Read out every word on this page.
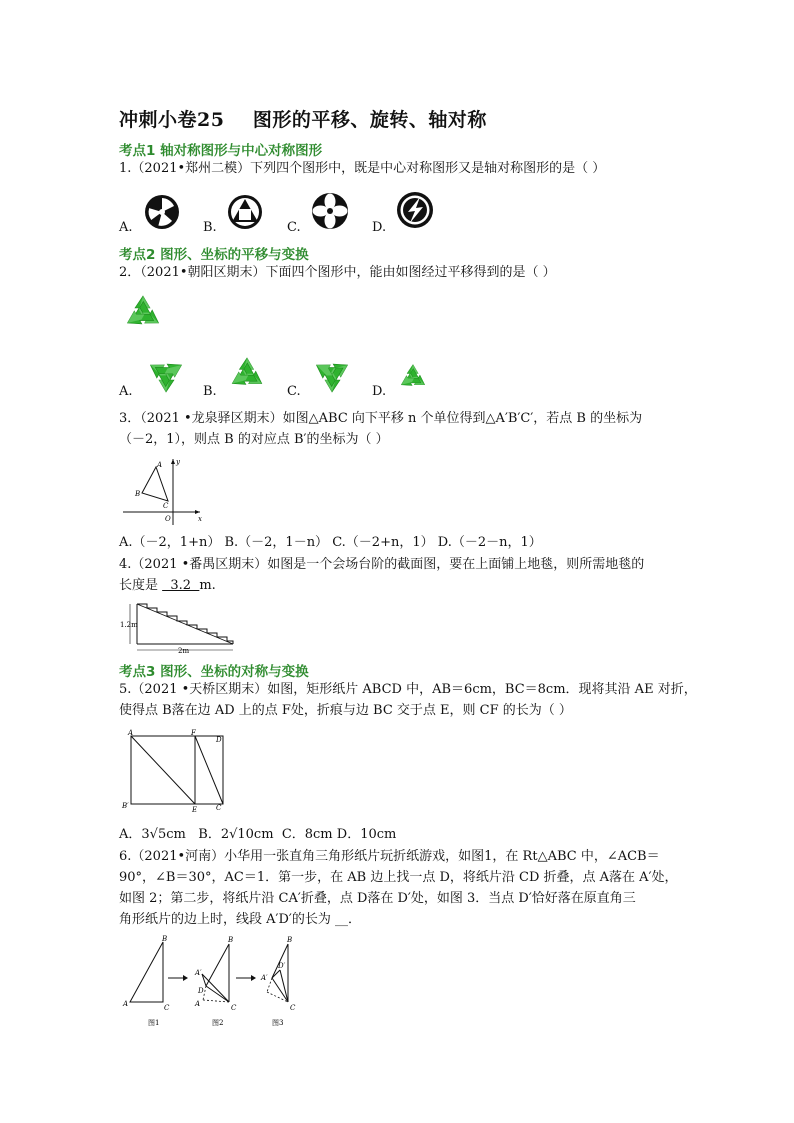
冲刺小卷25    图形的平移、旋转、轴对称
考点1 轴对称图形与中心对称图形
1.（2021•郑州二模）下列四个图形中，既是中心对称图形又是轴对称图形的是（ ）
A.	B.	C.	D.
考点2 图形、坐标的平移与变换
2．（2021•朝阳区期末）下面四个图形中，能由如图经过平移得到的是（ ）
A.	B.	C.	D.
3．（2021 •龙泉驿区期末）如图△ABC 向下平移 n 个单位得到△A′B′C′，若点 B 的坐标为
（－2，1），则点 B 的对应点 B′的坐标为（ ）
A
B
C
O	x
y
A.（－2，1+n） B.（－2，1－n） C.（－2+n，1） D.（－2－n，1）
4.（2021 •番禺区期末）如图是一个会场台阶的截面图，要在上面铺上地毯，则所需地毯的
长度是   3.2  m.
1.2m
2m
考点3 图形、坐标的对称与变换
5.（2021 •天桥区期末）如图，矩形纸片 ABCD 中，AB＝6cm，BC＝8cm．现将其沿 AE 对折，
使得点 B落在边 AD 上的点 F处，折痕与边 BC 交于点 E，则 CF 的长为（ ）
A	F
D
B′	E	C
A．3√5cm B．2√10cm C．8cm D．10cm
6.（2021•河南）小华用一张直角三角形纸片玩折纸游戏，如图1，在 Rt△ABC 中，∠ACB＝
90°，∠B＝30°，AC＝1．第一步，在 AB 边上找一点 D，将纸片沿 CD 折叠，点 A落在 A′处，
如图 2；第二步，将纸片沿 CA′折叠，点 D落在 D′处，如图 3．当点 D′恰好落在原直角三
角形纸片的边上时，线段 A′D′的长为 __．
A
B
C
图1
B
A′
D
A	C
图2
B
A′
D′
C
图3
